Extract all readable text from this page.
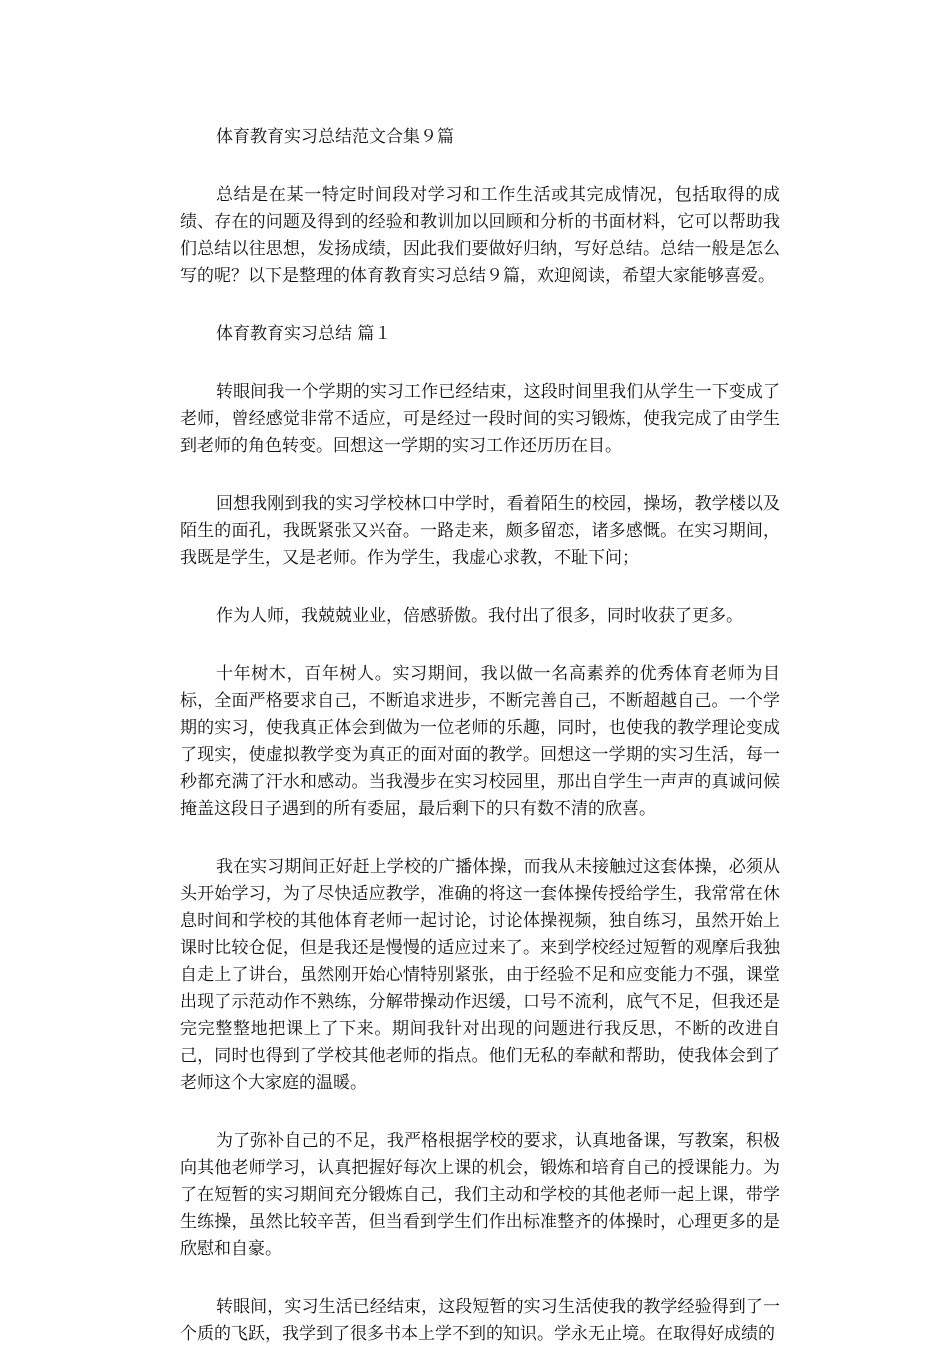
体育教育实习总结范文合集９篇

总结是在某一特定时间段对学习和工作生活或其完成情况，包括取得的成绩、存在的问题及得到的经验和教训加以回顾和分析的书面材料，它可以帮助我们总结以往思想，发扬成绩，因此我们要做好归纳，写好总结。总结一般是怎么写的呢？以下是整理的体育教育实习总结９篇，欢迎阅读，希望大家能够喜爱。

体育教育实习总结 篇１

转眼间我一个学期的实习工作已经结束，这段时间里我们从学生一下变成了老师，曾经感觉非常不适应，可是经过一段时间的实习锻炼，使我完成了由学生到老师的角色转变。回想这一学期的实习工作还历历在目。

回想我刚到我的实习学校林口中学时，看着陌生的校园，操场，教学楼以及陌生的面孔，我既紧张又兴奋。一路走来，颇多留恋，诸多感慨。在实习期间，我既是学生，又是老师。作为学生，我虚心求教，不耻下问；

作为人师，我兢兢业业，倍感骄傲。我付出了很多，同时收获了更多。

十年树木，百年树人。实习期间，我以做一名高素养的优秀体育老师为目标，全面严格要求自己，不断追求进步，不断完善自己，不断超越自己。一个学期的实习，使我真正体会到做为一位老师的乐趣，同时，也使我的教学理论变成了现实，使虚拟教学变为真正的面对面的教学。回想这一学期的实习生活，每一秒都充满了汗水和感动。当我漫步在实习校园里，那出自学生一声声的真诚问候掩盖这段日子遇到的所有委屈，最后剩下的只有数不清的欣喜。

我在实习期间正好赶上学校的广播体操，而我从未接触过这套体操，必须从头开始学习，为了尽快适应教学，准确的将这一套体操传授给学生，我常常在休息时间和学校的其他体育老师一起讨论，讨论体操视频，独自练习，虽然开始上课时比较仓促，但是我还是慢慢的适应过来了。来到学校经过短暂的观摩后我独自走上了讲台，虽然刚开始心情特别紧张，由于经验不足和应变能力不强，课堂出现了示范动作不熟练，分解带操动作迟缓，口号不流利，底气不足，但我还是完完整整地把课上了下来。期间我针对出现的问题进行我反思，不断的改进自己，同时也得到了学校其他老师的指点。他们无私的奉献和帮助，使我体会到了老师这个大家庭的温暖。

为了弥补自己的不足，我严格根据学校的要求，认真地备课，写教案，积极向其他老师学习，认真把握好每次上课的机会，锻炼和培育自己的授课能力。为了在短暂的实习期间充分锻炼自己，我们主动和学校的其他老师一起上课，带学生练操，虽然比较辛苦，但当看到学生们作出标准整齐的体操时，心理更多的是欣慰和自豪。

转眼间，实习生活已经结束，这段短暂的实习生活使我的教学经验得到了一个质的飞跃，我学到了很多书本上学不到的知识。学永无止境。在取得好成绩的
